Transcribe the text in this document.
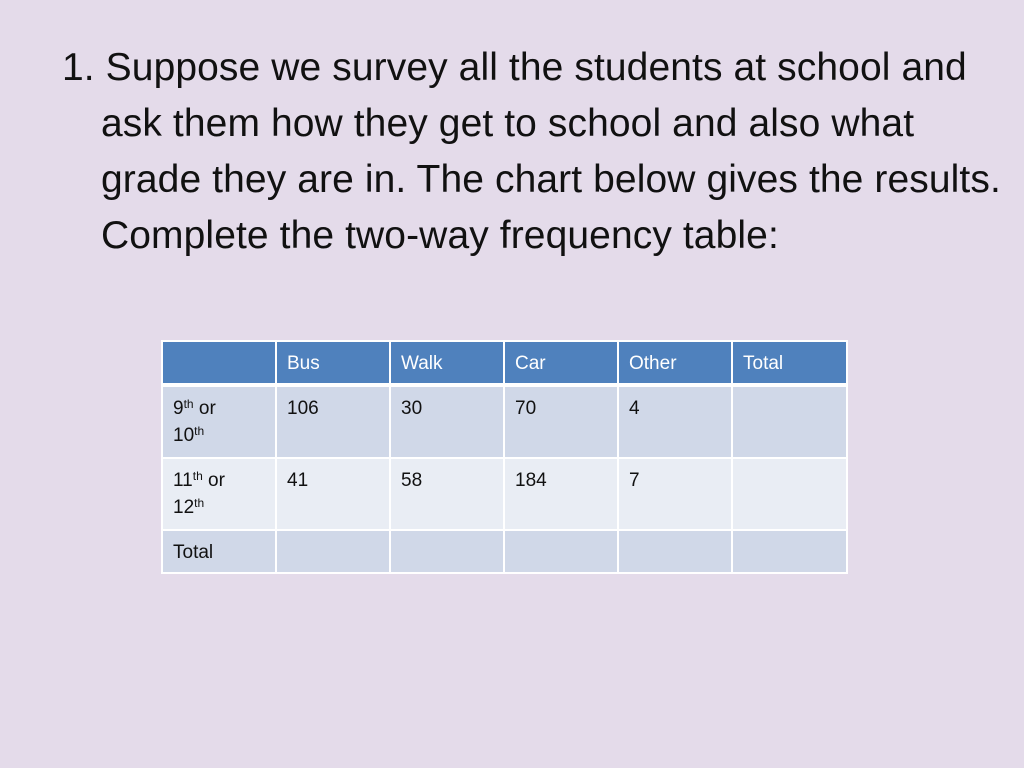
1. Suppose we survey all the students at school and ask them how they get to school and also what grade they are in. The chart below gives the results. Complete the two-way frequency table:

	Bus	Walk	Car	Other	Total
9th or
10th	106	30	70	4	
11th or
12th	41	58	184	7	
Total					
